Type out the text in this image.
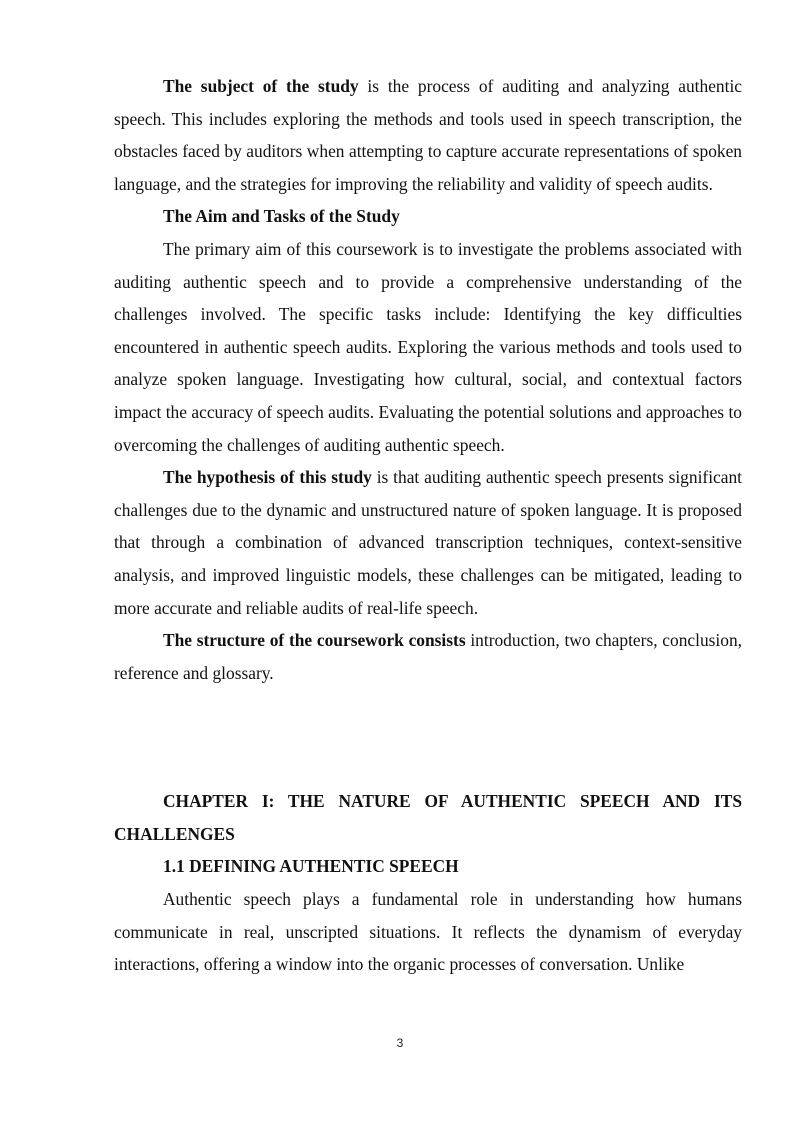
The subject of the study is the process of auditing and analyzing authentic speech. This includes exploring the methods and tools used in speech transcription, the obstacles faced by auditors when attempting to capture accurate representations of spoken language, and the strategies for improving the reliability and validity of speech audits.

The Aim and Tasks of the Study

The primary aim of this coursework is to investigate the problems associated with auditing authentic speech and to provide a comprehensive understanding of the challenges involved. The specific tasks include: Identifying the key difficulties encountered in authentic speech audits. Exploring the various methods and tools used to analyze spoken language. Investigating how cultural, social, and contextual factors impact the accuracy of speech audits. Evaluating the potential solutions and approaches to overcoming the challenges of auditing authentic speech.

The hypothesis of this study is that auditing authentic speech presents significant challenges due to the dynamic and unstructured nature of spoken language. It is proposed that through a combination of advanced transcription techniques, context-sensitive analysis, and improved linguistic models, these challenges can be mitigated, leading to more accurate and reliable audits of real-life speech.

The structure of the coursework consists introduction, two chapters, conclusion, reference and glossary.

CHAPTER I: THE NATURE OF AUTHENTIC SPEECH AND ITS CHALLENGES

1.1 DEFINING AUTHENTIC SPEECH

Authentic speech plays a fundamental role in understanding how humans communicate in real, unscripted situations. It reflects the dynamism of everyday interactions, offering a window into the organic processes of conversation. Unlike

3
